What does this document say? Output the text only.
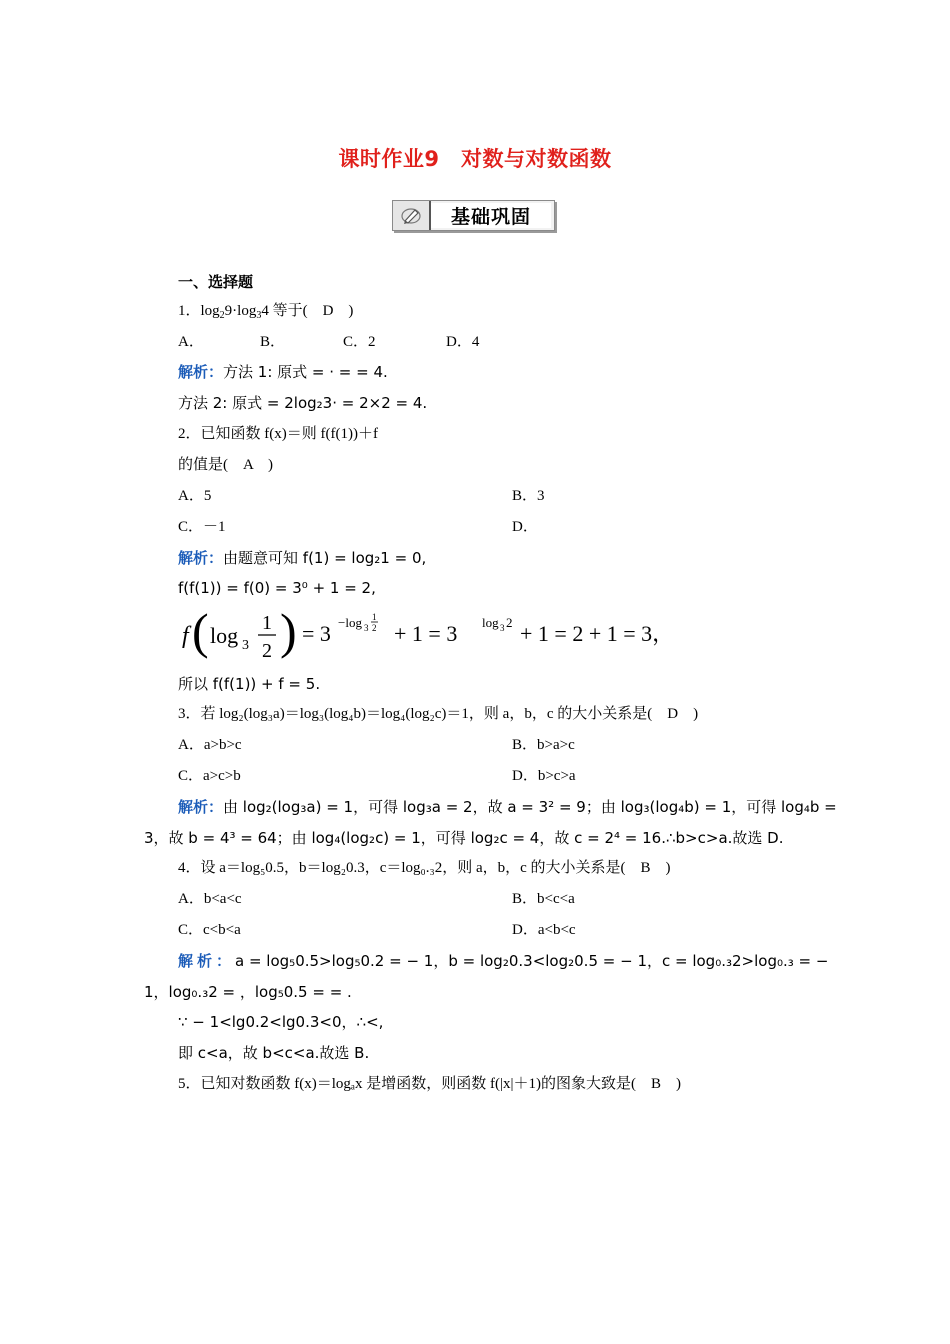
课时作业9　对数与对数函数
基础巩固
一、选择题
1．$\log_29\cdot\log_34$ 等于(　D　)
A．	B．	C．2	D．4
解析：方法 1: 原式 = · = = 4.
方法 2: 原式 = 2log₂3· = 2×2 = 4.
2．已知函数 f(x)＝则 f(f(1))＋f
的值是(　A　)
A．5	B．3
C．－1	D．
解析：由题意可知 f(1) = log₂1 = 0,
f(f(1)) = f(0) = 3⁰ + 1 = 2,
f ( log 3
1
2 ) = 3 −log 3
1
2 + 1 = 3 log 3 2 + 1 = 2 + 1 = 3，
所以 f(f(1)) + f = 5.
3．若 log₂(log₃a)＝log₃(log₄b)＝log₄(log₂c)＝1，则 a，b，c 的大小关系是(　D　)
A．a>b>c	B．b>a>c
C．a>c>b	D．b>c>a
解析：由 log₂(log₃a) = 1，可得 log₃a = 2，故 a = 3² = 9；由 log₃(log₄b) = 1，可得 log₄b =
3，故 b = 4³ = 64；由 log₄(log₂c) = 1，可得 log₂c = 4，故 c = 2⁴ = 16.∴b>c>a.故选 D.
4．设 a＝log₅0.5，b＝log₂0.3，c＝log₀.₃2，则 a，b，c 的大小关系是(　B　)
A．b<a<c	B．b<c<a
C．c<b<a	D．a<b<c
解析：a = log₅0.5>log₅0.2 = − 1，b = log₂0.3<log₂0.5 = − 1，c = log₀.₃2>log₀.₃ = −
1，log₀.₃2 = ，log₅0.5 = = .
∵ − 1<lg0.2<lg0.3<0，∴<,
即 c<a，故 b<c<a.故选 B.
5．已知对数函数 f(x)＝logₐx 是增函数，则函数 f(|x|＋1)的图象大致是(　B　)
